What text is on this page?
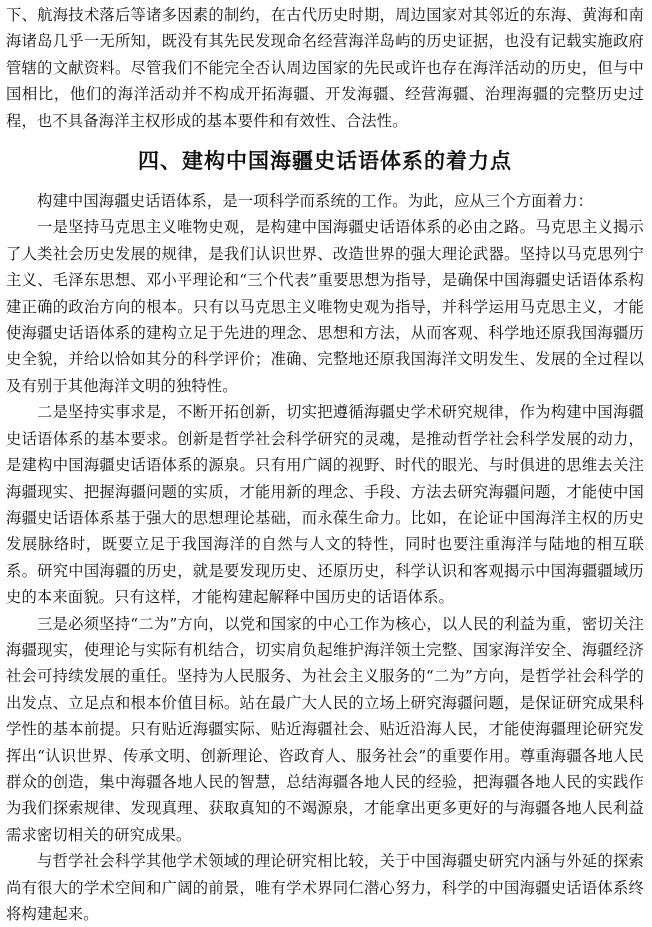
下、航海技术落后等诸多因素的制约，在古代历史时期，周边国家对其邻近的东海、黄海和南海诸岛几乎一无所知，既没有其先民发现命名经营海洋岛屿的历史证据，也没有记载实施政府管辖的文献资料。尽管我们不能完全否认周边国家的先民或许也存在海洋活动的历史，但与中国相比，他们的海洋活动并不构成开拓海疆、开发海疆、经营海疆、治理海疆的完整历史过程，也不具备海洋主权形成的基本要件和有效性、合法性。

四、建构中国海疆史话语体系的着力点

构建中国海疆史话语体系，是一项科学而系统的工作。为此，应从三个方面着力：

一是坚持马克思主义唯物史观，是构建中国海疆史话语体系的必由之路。马克思主义揭示了人类社会历史发展的规律，是我们认识世界、改造世界的强大理论武器。坚持以马克思列宁主义、毛泽东思想、邓小平理论和“三个代表”重要思想为指导，是确保中国海疆史话语体系构建正确的政治方向的根本。只有以马克思主义唯物史观为指导，并科学运用马克思主义，才能使海疆史话语体系的建构立足于先进的理念、思想和方法，从而客观、科学地还原我国海疆历史全貌，并给以恰如其分的科学评价；准确、完整地还原我国海洋文明发生、发展的全过程以及有别于其他海洋文明的独特性。

二是坚持实事求是，不断开拓创新，切实把遵循海疆史学术研究规律，作为构建中国海疆史话语体系的基本要求。创新是哲学社会科学研究的灵魂，是推动哲学社会科学发展的动力，是建构中国海疆史话语体系的源泉。只有用广阔的视野、时代的眼光、与时俱进的思维去关注海疆现实、把握海疆问题的实质，才能用新的理念、手段、方法去研究海疆问题，才能使中国海疆史话语体系基于强大的思想理论基础，而永葆生命力。比如，在论证中国海洋主权的历史发展脉络时，既要立足于我国海洋的自然与人文的特性，同时也要注重海洋与陆地的相互联系。研究中国海疆的历史，就是要发现历史、还原历史，科学认识和客观揭示中国海疆疆域历史的本来面貌。只有这样，才能构建起解释中国历史的话语体系。

三是必须坚持“二为”方向，以党和国家的中心工作为核心，以人民的利益为重，密切关注海疆现实，使理论与实际有机结合，切实肩负起维护海洋领土完整、国家海洋安全、海疆经济社会可持续发展的重任。坚持为人民服务、为社会主义服务的“二为”方向，是哲学社会科学的出发点、立足点和根本价值目标。站在最广大人民的立场上研究海疆问题，是保证研究成果科学性的基本前提。只有贴近海疆实际、贴近海疆社会、贴近沿海人民，才能使海疆理论研究发挥出“认识世界、传承文明、创新理论、咨政育人、服务社会”的重要作用。尊重海疆各地人民群众的创造，集中海疆各地人民的智慧，总结海疆各地人民的经验，把海疆各地人民的实践作为我们探索规律、发现真理、获取真知的不竭源泉，才能拿出更多更好的与海疆各地人民利益需求密切相关的研究成果。

与哲学社会科学其他学术领域的理论研究相比较，关于中国海疆史研究内涵与外延的探索尚有很大的学术空间和广阔的前景，唯有学术界同仁潜心努力，科学的中国海疆史话语体系终将构建起来。
